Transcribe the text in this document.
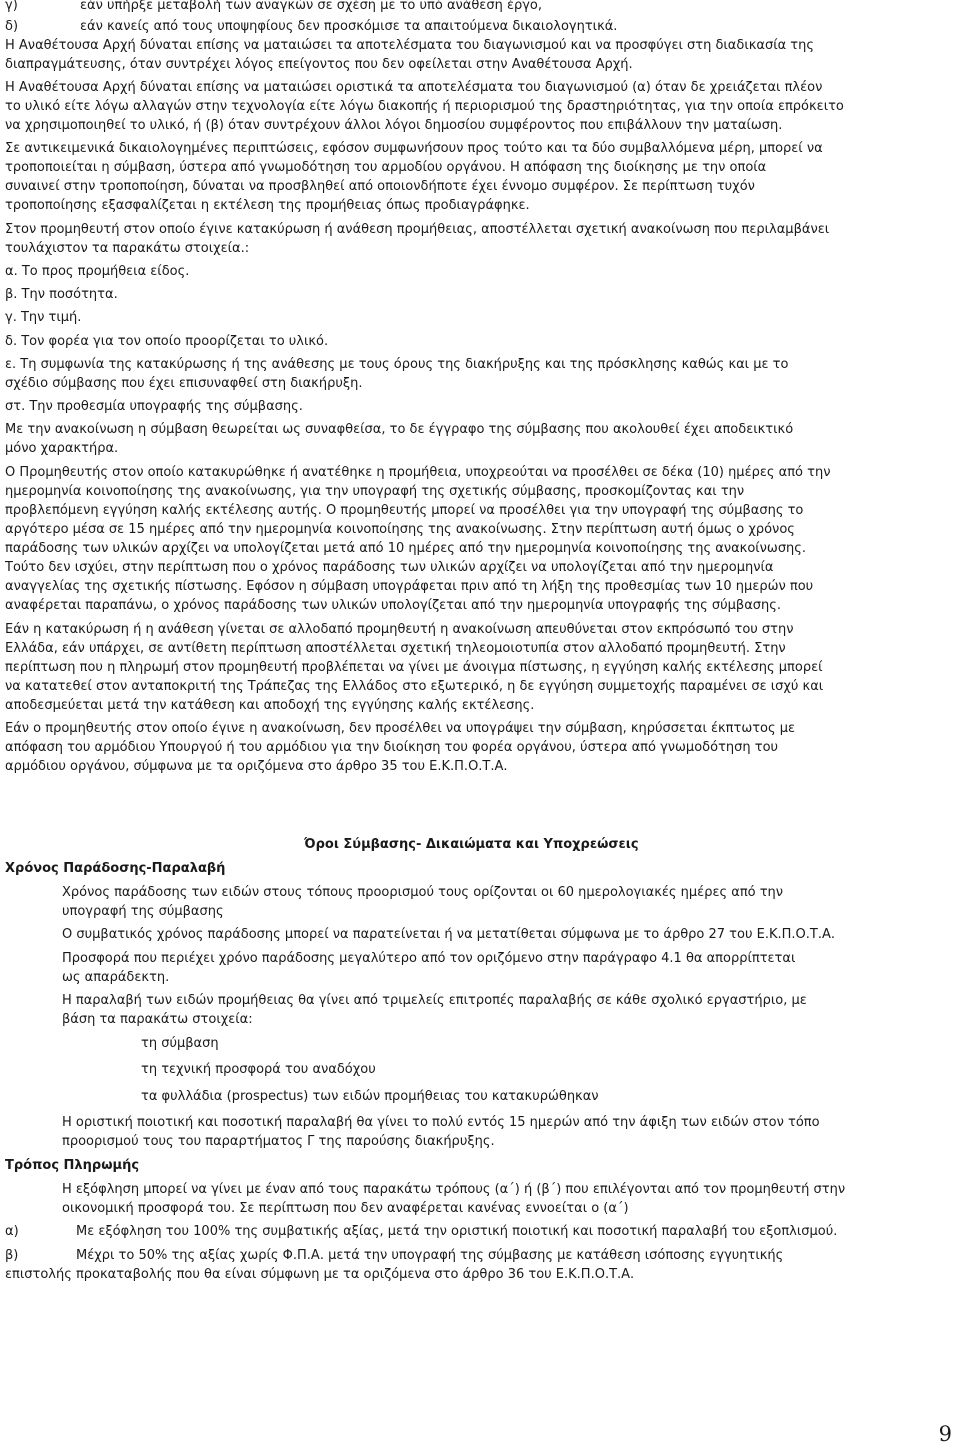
γ)	εάν υπήρξε μεταβολή των αναγκών σε σχέση με το υπό ανάθεση έργο,
δ)	εάν κανείς από τους υποψηφίους δεν προσκόμισε τα απαιτούμενα δικαιολογητικά.
Η Αναθέτουσα Αρχή δύναται επίσης να ματαιώσει τα αποτελέσματα του διαγωνισμού και να προσφύγει στη διαδικασία της
διαπραγμάτευσης, όταν συντρέχει λόγος επείγοντος που δεν οφείλεται στην Αναθέτουσα Αρχή.
Η Αναθέτουσα Αρχή δύναται επίσης να ματαιώσει οριστικά τα αποτελέσματα του διαγωνισμού (α) όταν δε χρειάζεται πλέον
το υλικό είτε λόγω αλλαγών στην τεχνολογία είτε λόγω διακοπής ή περιορισμού της δραστηριότητας, για την οποία επρόκειτο
να χρησιμοποιηθεί το υλικό, ή (β) όταν συντρέχουν άλλοι λόγοι δημοσίου συμφέροντος που επιβάλλουν την ματαίωση.
Σε αντικειμενικά δικαιολογημένες περιπτώσεις, εφόσον συμφωνήσουν προς τούτο και τα δύο συμβαλλόμενα μέρη, μπορεί να
τροποποιείται η σύμβαση, ύστερα από γνωμοδότηση του αρμοδίου οργάνου. Η απόφαση της διοίκησης με την οποία
συναινεί στην τροποποίηση, δύναται να προσβληθεί από οποιονδήποτε έχει έννομο συμφέρον. Σε περίπτωση τυχόν
τροποποίησης εξασφαλίζεται η εκτέλεση της προμήθειας όπως προδιαγράφηκε.
Στον προμηθευτή στον οποίο έγινε κατακύρωση ή ανάθεση προμήθειας, αποστέλλεται σχετική ανακοίνωση που περιλαμβάνει
τουλάχιστον τα παρακάτω στοιχεία.:
α. Το προς προμήθεια είδος.
β. Την ποσότητα.
γ. Την τιμή.
δ. Τον φορέα για τον οποίο προορίζεται το υλικό.
ε. Τη συμφωνία της κατακύρωσης ή της ανάθεσης με τους όρους της διακήρυξης και της πρόσκλησης καθώς και με το
σχέδιο σύμβασης που έχει επισυναφθεί στη διακήρυξη.
στ. Την προθεσμία υπογραφής της σύμβασης.
Με την ανακοίνωση η σύμβαση θεωρείται ως συναφθείσα, το δε έγγραφο της σύμβασης που ακολουθεί έχει αποδεικτικό
μόνο χαρακτήρα.
Ο Προμηθευτής στον οποίο κατακυρώθηκε ή ανατέθηκε η προμήθεια, υποχρεούται να προσέλθει σε δέκα (10) ημέρες από την
ημερομηνία κοινοποίησης της ανακοίνωσης, για την υπογραφή της σχετικής σύμβασης, προσκομίζοντας και την
προβλεπόμενη εγγύηση καλής εκτέλεσης αυτής. Ο προμηθευτής μπορεί να προσέλθει για την υπογραφή της σύμβασης το
αργότερο μέσα σε 15 ημέρες από την ημερομηνία κοινοποίησης της ανακοίνωσης. Στην περίπτωση αυτή όμως ο χρόνος
παράδοσης των υλικών αρχίζει να υπολογίζεται μετά από 10 ημέρες από την ημερομηνία κοινοποίησης της ανακοίνωσης.
Τούτο δεν ισχύει, στην περίπτωση που ο χρόνος παράδοσης των υλικών αρχίζει να υπολογίζεται από την ημερομηνία
αναγγελίας της σχετικής πίστωσης. Εφόσον η σύμβαση υπογράφεται πριν από τη λήξη της προθεσμίας των 10 ημερών που
αναφέρεται παραπάνω, ο χρόνος παράδοσης των υλικών υπολογίζεται από την ημερομηνία υπογραφής της σύμβασης.
Εάν η κατακύρωση ή η ανάθεση γίνεται σε αλλοδαπό προμηθευτή η ανακοίνωση απευθύνεται στον εκπρόσωπό του στην
Ελλάδα, εάν υπάρχει, σε αντίθετη περίπτωση αποστέλλεται σχετική τηλεομοιοτυπία στον αλλοδαπό προμηθευτή. Στην
περίπτωση που η πληρωμή στον προμηθευτή προβλέπεται να γίνει με άνοιγμα πίστωσης, η εγγύηση καλής εκτέλεσης μπορεί
να κατατεθεί στον ανταποκριτή της Τράπεζας της Ελλάδος στο εξωτερικό, η δε εγγύηση συμμετοχής παραμένει σε ισχύ και
αποδεσμεύεται μετά την κατάθεση και αποδοχή της εγγύησης καλής εκτέλεσης.
Εάν ο προμηθευτής στον οποίο έγινε η ανακοίνωση, δεν προσέλθει να υπογράψει την σύμβαση, κηρύσσεται έκπτωτος με
απόφαση του αρμόδιου Υπουργού ή του αρμόδιου για την διοίκηση του φορέα οργάνου, ύστερα από γνωμοδότηση του
αρμόδιου οργάνου, σύμφωνα με τα οριζόμενα στο άρθρο 35 του Ε.Κ.Π.Ο.Τ.Α.
Όροι Σύμβασης- Δικαιώματα και Υποχρεώσεις
Χρόνος Παράδοσης-Παραλαβή
Χρόνος παράδοσης των ειδών στους τόπους προορισμού τους ορίζονται οι 60 ημερολογιακές ημέρες από την
υπογραφή της σύμβασης
Ο συμβατικός χρόνος παράδοσης μπορεί να παρατείνεται ή να μετατίθεται σύμφωνα με το άρθρο 27 του Ε.Κ.Π.Ο.Τ.Α.
Προσφορά που περιέχει χρόνο παράδοσης μεγαλύτερο από τον οριζόμενο στην παράγραφο 4.1 θα απορρίπτεται
ως απαράδεκτη.
Η παραλαβή των ειδών προμήθειας θα γίνει από τριμελείς επιτροπές παραλαβής σε κάθε σχολικό εργαστήριο, με
βάση τα παρακάτω στοιχεία:
τη σύμβαση
τη τεχνική προσφορά του αναδόχου
τα φυλλάδια (prospectus) των ειδών προμήθειας του κατακυρώθηκαν
Η οριστική ποιοτική και ποσοτική παραλαβή θα γίνει το πολύ εντός 15 ημερών από την άφιξη των ειδών στον τόπο
προορισμού τους του παραρτήματος Γ της παρούσης διακήρυξης.
Τρόπος Πληρωμής
Η εξόφληση μπορεί να γίνει με έναν από τους παρακάτω τρόπους (α΄) ή (β΄) που επιλέγονται από τον προμηθευτή στην
οικονομική προσφορά του. Σε περίπτωση που δεν αναφέρεται κανένας εννοείται ο (α΄)
α)	Με εξόφληση του 100% της συμβατικής αξίας, μετά την οριστική ποιοτική και ποσοτική παραλαβή του εξοπλισμού.
β)	Μέχρι το 50% της αξίας χωρίς Φ.Π.Α. μετά την υπογραφή της σύμβασης με κατάθεση ισόποσης εγγυητικής
επιστολής προκαταβολής που θα είναι σύμφωνη με τα οριζόμενα στο άρθρο 36 του Ε.Κ.Π.Ο.Τ.Α.
9
